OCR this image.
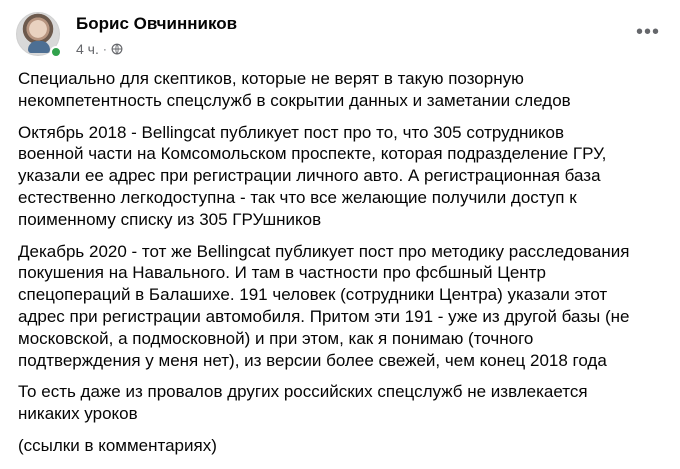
Борис Овчинников
4 ч. ·
•••

Специально для скептиков, которые не верят в такую позорную
некомпетентность спецслужб в сокрытии данных и заметании следов

Октябрь 2018 - Bellingcat публикует пост про то, что 305 сотрудников
военной части на Комсомольском проспекте, которая подразделение ГРУ,
указали ее адрес при регистрации личного авто. А регистрационная база
естественно легкодоступна - так что все желающие получили доступ к
поименному списку из 305 ГРУшников

Декабрь 2020 - тот же Bellingcat публикует пост про методику расследования
покушения на Навального. И там в частности про фсбшный Центр
спецопераций в Балашихе. 191 человек (сотрудники Центра) указали этот
адрес при регистрации автомобиля. Притом эти 191 - уже из другой базы (не
московской, а подмосковной) и при этом, как я понимаю (точного
подтверждения у меня нет), из версии более свежей, чем конец 2018 года

То есть даже из провалов других российских спецслужб не извлекается
никаких уроков

(ссылки в комментариях)
